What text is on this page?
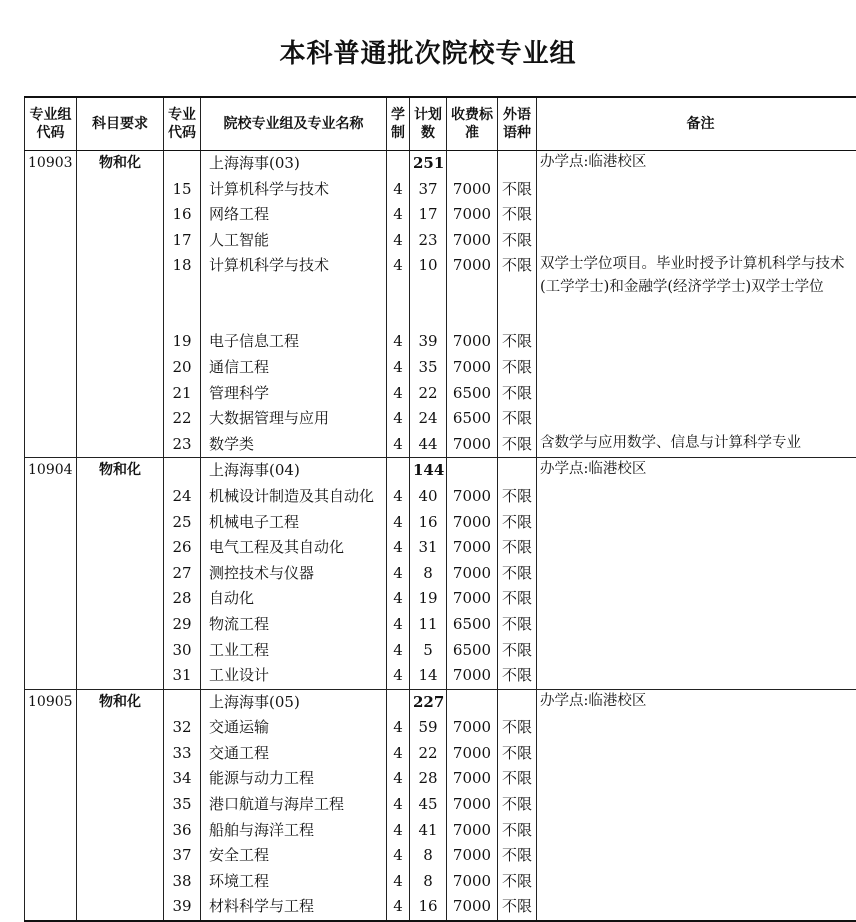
本科普通批次院校专业组
专业组代码	科目要求	专业代码	院校专业组及专业名称	学制	计划数	收费标准	外语语种	备注
10903	物和化		上海海事(03)		251			办学点:临港校区
		15	计算机科学与技术	4	37	7000	不限	
		16	网络工程	4	17	7000	不限	
		17	人工智能	4	23	7000	不限	
		18	计算机科学与技术	4	10	7000	不限	双学士学位项目。毕业时授予计算机科学与技术(工学学士)和金融学(经济学学士)双学士学位
		19	电子信息工程	4	39	7000	不限	
		20	通信工程	4	35	7000	不限	
		21	管理科学	4	22	6500	不限	
		22	大数据管理与应用	4	24	6500	不限	
		23	数学类	4	44	7000	不限	含数学与应用数学、信息与计算科学专业
10904	物和化		上海海事(04)		144			办学点:临港校区
		24	机械设计制造及其自动化	4	40	7000	不限	
		25	机械电子工程	4	16	7000	不限	
		26	电气工程及其自动化	4	31	7000	不限	
		27	测控技术与仪器	4	8	7000	不限	
		28	自动化	4	19	7000	不限	
		29	物流工程	4	11	6500	不限	
		30	工业工程	4	5	6500	不限	
		31	工业设计	4	14	7000	不限	
10905	物和化		上海海事(05)		227			办学点:临港校区
		32	交通运输	4	59	7000	不限	
		33	交通工程	4	22	7000	不限	
		34	能源与动力工程	4	28	7000	不限	
		35	港口航道与海岸工程	4	45	7000	不限	
		36	船舶与海洋工程	4	41	7000	不限	
		37	安全工程	4	8	7000	不限	
		38	环境工程	4	8	7000	不限	
		39	材料科学与工程	4	16	7000	不限	
